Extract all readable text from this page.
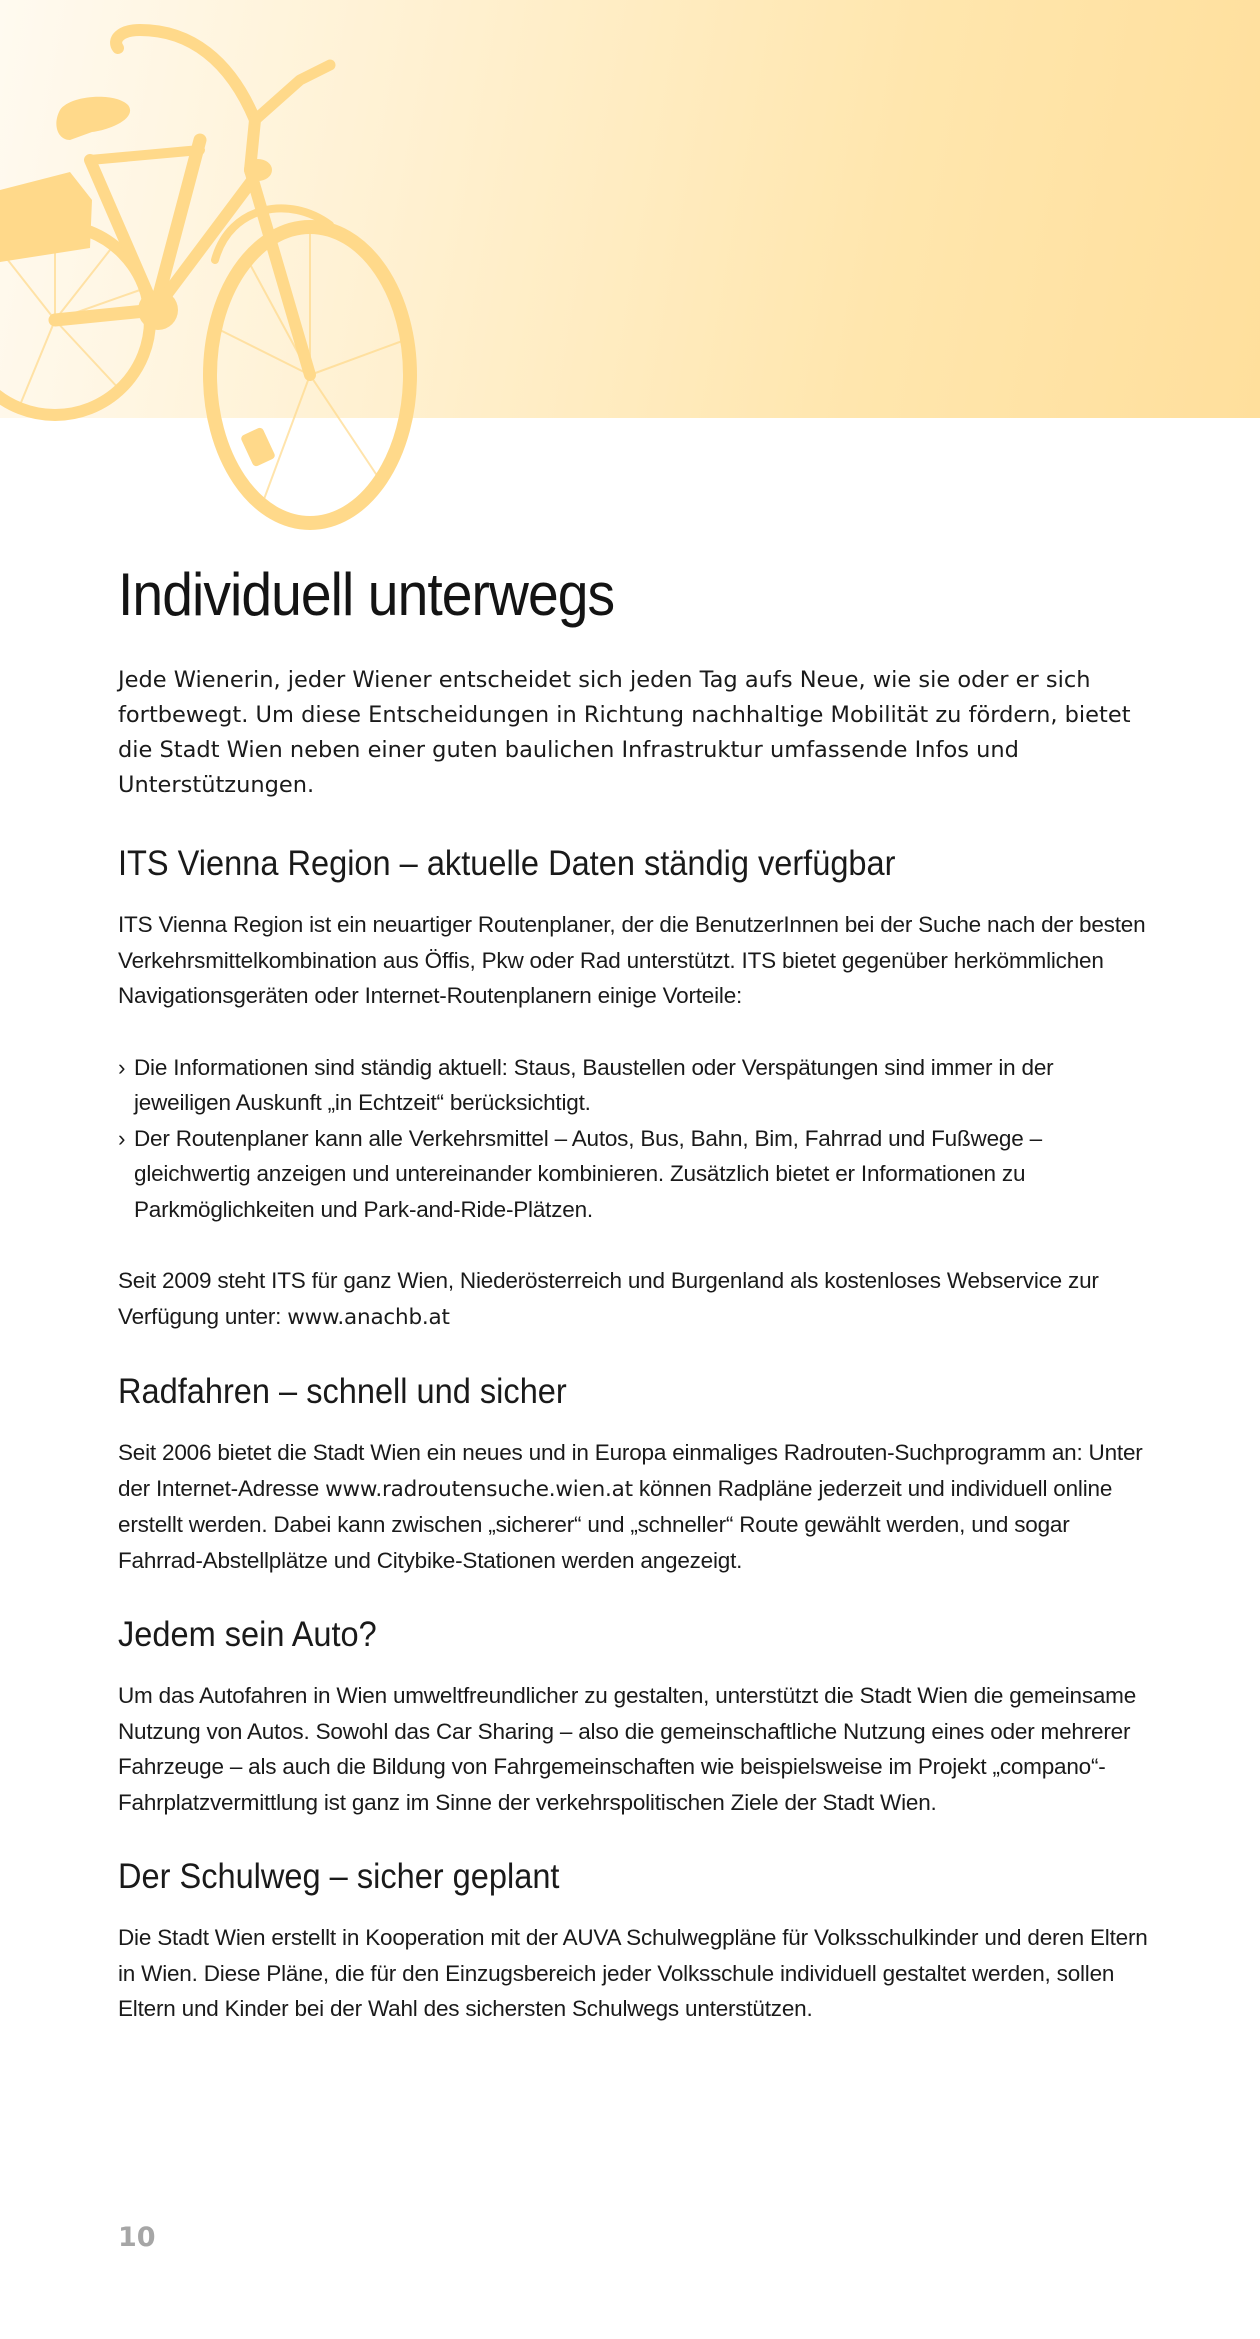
Individuell unterwegs

Jede Wienerin, jeder Wiener entscheidet sich jeden Tag aufs Neue, wie sie oder er sich fortbewegt. Um diese Entscheidungen in Richtung nachhaltige Mobilität zu fördern, bietet die Stadt Wien neben einer guten baulichen Infrastruktur umfassende Infos und Unterstützungen.

ITS Vienna Region – aktuelle Daten ständig verfügbar

ITS Vienna Region ist ein neuartiger Routenplaner, der die BenutzerInnen bei der Suche nach der besten Verkehrsmittelkombination aus Öffis, Pkw oder Rad unterstützt. ITS bietet gegenüber herkömmlichen Navigationsgeräten oder Internet-Routenplanern einige Vorteile:

› Die Informationen sind ständig aktuell: Staus, Baustellen oder Verspätungen sind immer in der jeweiligen Auskunft „in Echtzeit“ berücksichtigt.
› Der Routenplaner kann alle Verkehrsmittel – Autos, Bus, Bahn, Bim, Fahrrad und Fußwege – gleichwertig anzeigen und untereinander kombinieren. Zusätzlich bietet er Informationen zu Parkmöglichkeiten und Park-and-Ride-Plätzen.

Seit 2009 steht ITS für ganz Wien, Niederösterreich und Burgenland als kostenloses Webservice zur Verfügung unter: www.anachb.at

Radfahren – schnell und sicher

Seit 2006 bietet die Stadt Wien ein neues und in Europa einmaliges Radrouten-Suchprogramm an: Unter der Internet-Adresse www.radroutensuche.wien.at können Radpläne jederzeit und individuell online erstellt werden. Dabei kann zwischen „sicherer“ und „schneller“ Route gewählt werden, und sogar Fahrrad-Abstellplätze und Citybike-Stationen werden angezeigt.

Jedem sein Auto?

Um das Autofahren in Wien umweltfreundlicher zu gestalten, unterstützt die Stadt Wien die gemeinsame Nutzung von Autos. Sowohl das Car Sharing – also die gemeinschaftliche Nutzung eines oder mehrerer Fahrzeuge – als auch die Bildung von Fahrgemeinschaften wie beispielsweise im Projekt „compano“-Fahrplatzvermittlung ist ganz im Sinne der verkehrspolitischen Ziele der Stadt Wien.

Der Schulweg – sicher geplant

Die Stadt Wien erstellt in Kooperation mit der AUVA Schulwegpläne für Volksschulkinder und deren Eltern in Wien. Diese Pläne, die für den Einzugsbereich jeder Volksschule individuell gestaltet werden, sollen Eltern und Kinder bei der Wahl des sichersten Schulwegs unterstützen.

10
